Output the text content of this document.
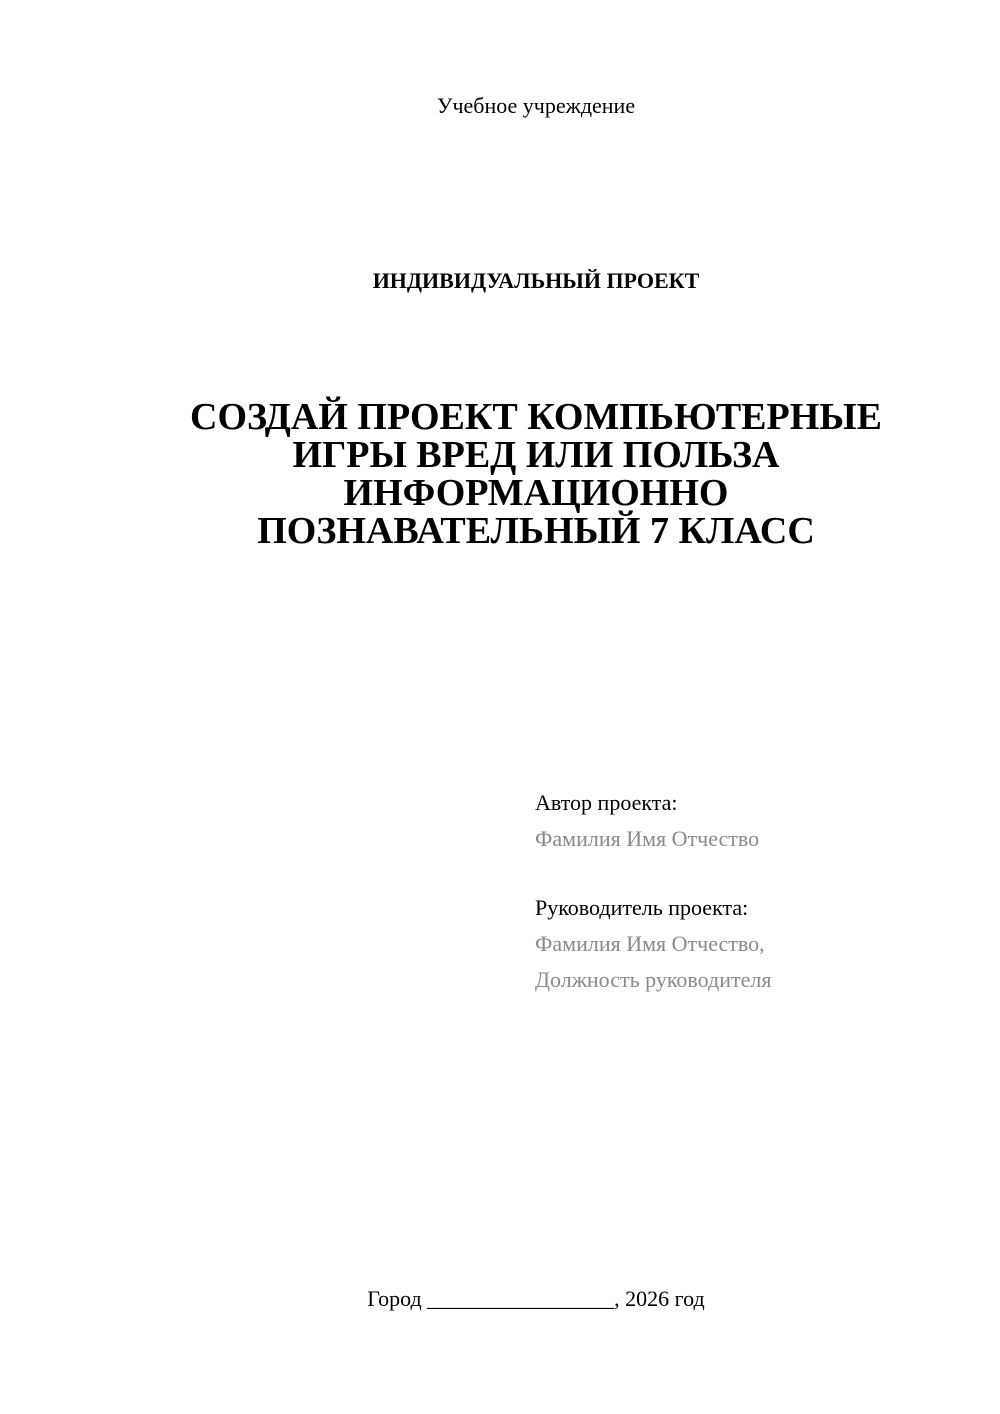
Учебное учреждение
ИНДИВИДУАЛЬНЫЙ ПРОЕКТ
СОЗДАЙ ПРОЕКТ КОМПЬЮТЕРНЫЕ
ИГРЫ ВРЕД ИЛИ ПОЛЬЗА
ИНФОРМАЦИОННО
ПОЗНАВАТЕЛЬНЫЙ 7 КЛАСС
Автор проекта:
Фамилия Имя Отчество
Руководитель проекта:
Фамилия Имя Отчество,
Должность руководителя
Город _________________, 2026 год
